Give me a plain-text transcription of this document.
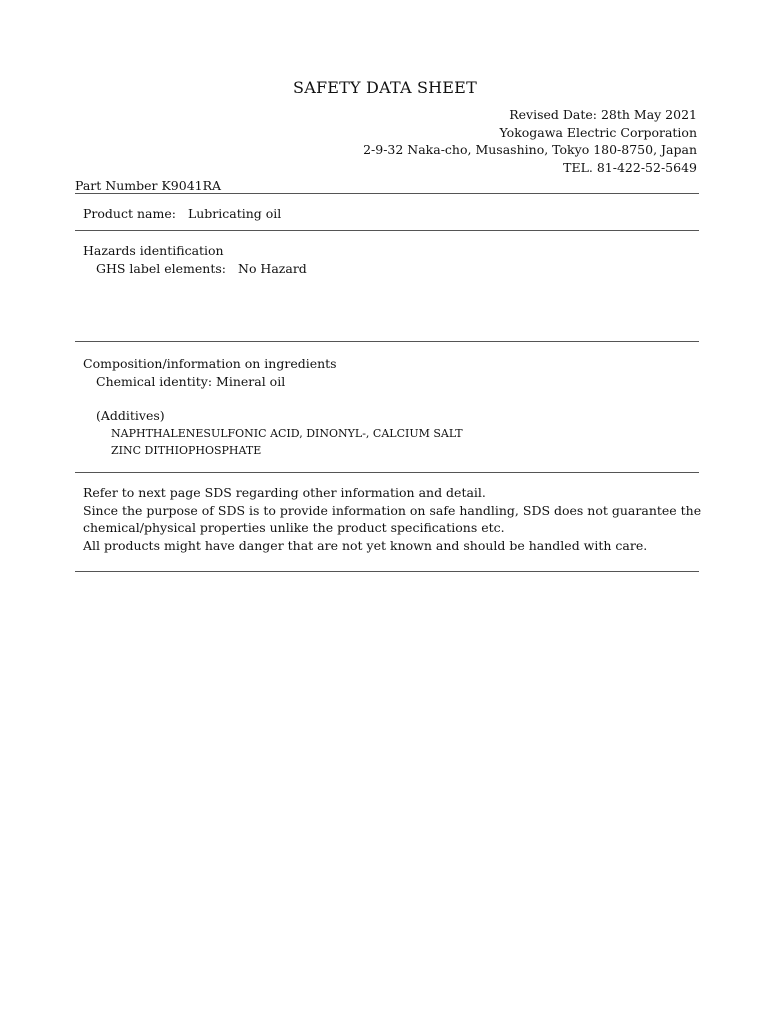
SAFETY DATA SHEET
Revised Date: 28th May 2021
Yokogawa Electric Corporation
2-9-32 Naka-cho, Musashino, Tokyo 180-8750, Japan
TEL. 81-422-52-5649
Part Number K9041RA
Product name: Lubricating oil
Hazards identification
GHS label elements: No Hazard
Composition/information on ingredients
Chemical identity: Mineral oil
(Additives)
NAPHTHALENESULFONIC ACID, DINONYL-, CALCIUM SALT
ZINC DITHIOPHOSPHATE
Refer to next page SDS regarding other information and detail.
Since the purpose of SDS is to provide information on safe handling, SDS does not guarantee the
chemical/physical properties unlike the product specifications etc.
All products might have danger that are not yet known and should be handled with care.
